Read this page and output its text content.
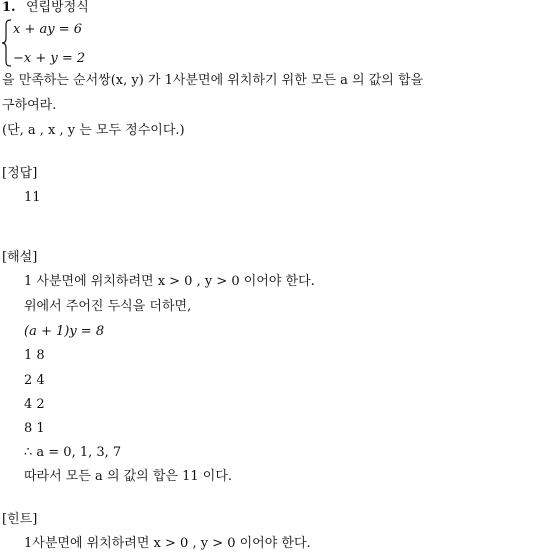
1. 연립방정식
x + ay = 6
−x + y = 2
을 만족하는 순서쌍(x, y) 가 1사분면에 위치하기 위한 모든 a 의 값의 합을
구하여라.
(단, a , x , y 는 모두 정수이다.)
[정답]
11
[해설]
1 사분면에 위치하려면 x > 0 , y > 0 이어야 한다.
위에서 주어진 두식을 더하면,
(a + 1)y = 8
1 8
2 4
4 2
8 1
∴ a = 0, 1, 3, 7
따라서 모든 a 의 값의 합은 11 이다.
[힌트]
1사분면에 위치하려면 x > 0 , y > 0 이어야 한다.
